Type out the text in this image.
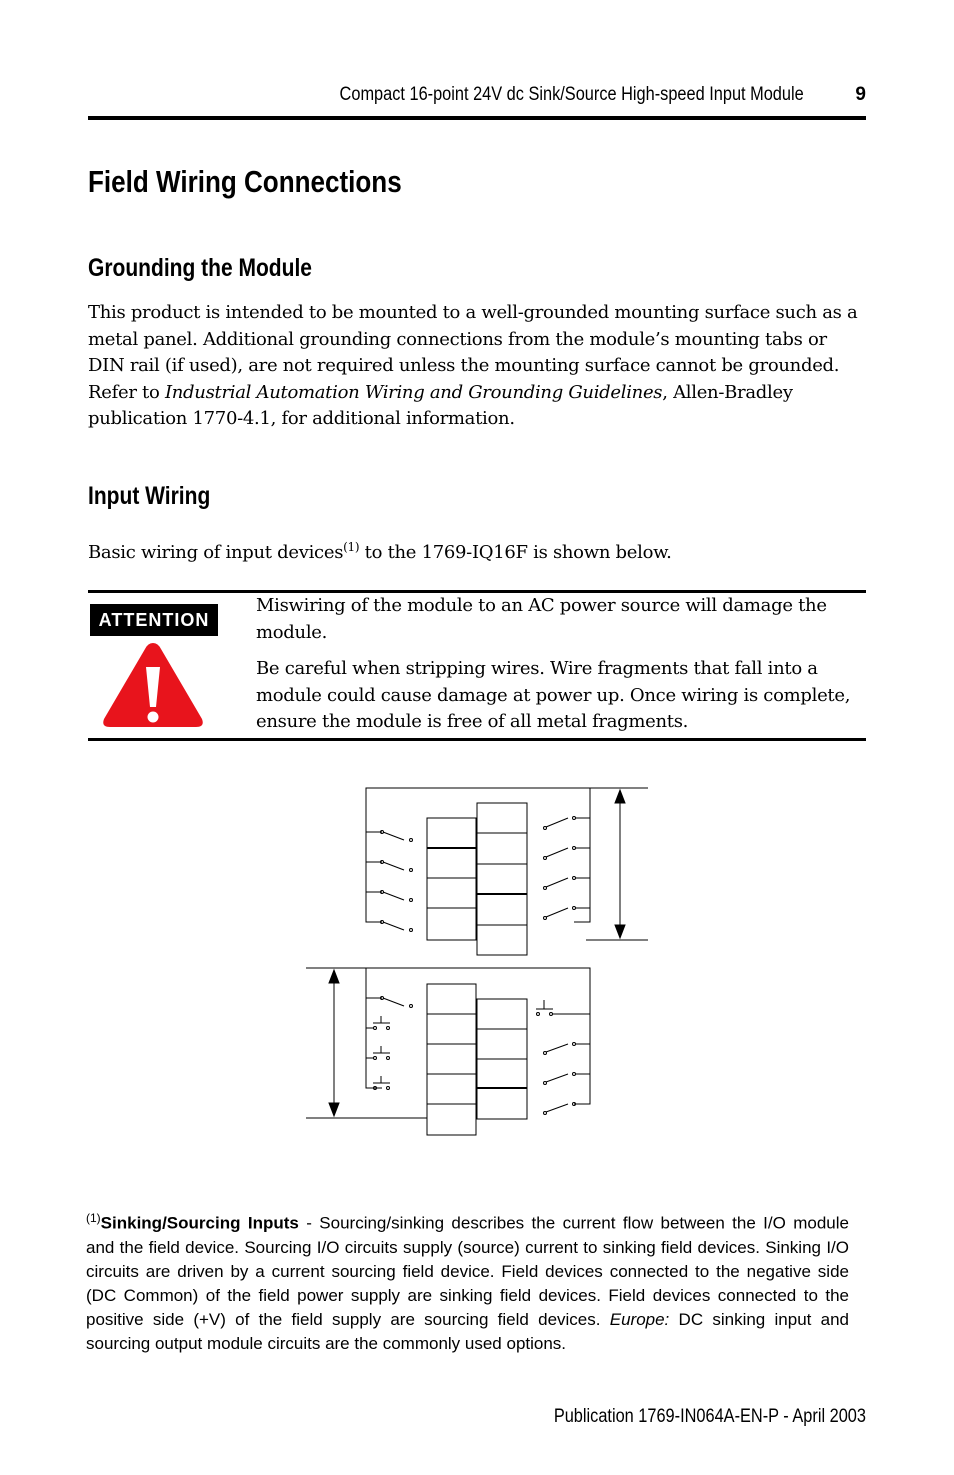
Compact 16-point 24V dc Sink/Source High-speed Input Module	9
Field Wiring Connections
Grounding the Module
This product is intended to be mounted to a well-grounded mounting surface such as a metal panel. Additional grounding connections from the module’s mounting tabs or DIN rail (if used), are not required unless the mounting surface cannot be grounded. Refer to Industrial Automation Wiring and Grounding Guidelines, Allen-Bradley publication 1770-4.1, for additional information.
Input Wiring
Basic wiring of input devices$^{(1)}$ to the 1769-IQ16F is shown below.
ATTENTION
Miswiring of the module to an AC power source will damage the module.
Be careful when stripping wires. Wire fragments that fall into a module could cause damage at power up. Once wiring is complete, ensure the module is free of all metal fragments.
$^{(1)}$Sinking/Sourcing Inputs - Sourcing/sinking describes the current flow between the I/O module and the field device. Sourcing I/O circuits supply (source) current to sinking field devices. Sinking I/O circuits are driven by a current sourcing field device. Field devices connected to the negative side (DC Common) of the field power supply are sinking field devices. Field devices connected to the positive side (+V) of the field supply are sourcing field devices. Europe: DC sinking input and sourcing output module circuits are the commonly used options.
Publication 1769-IN064A-EN-P - April 2003
